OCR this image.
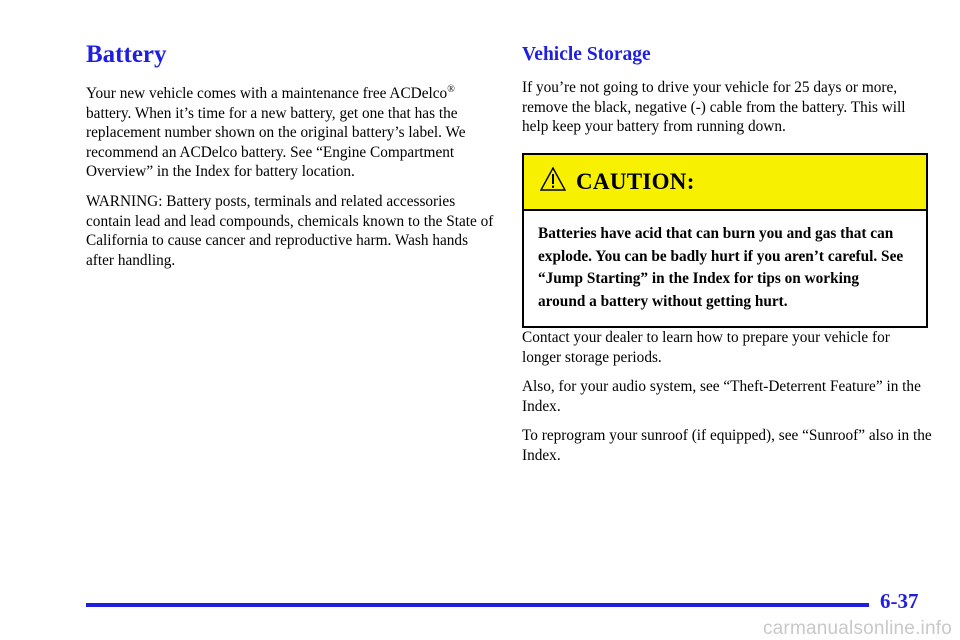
Battery

Your new vehicle comes with a maintenance free ACDelco® battery. When it’s time for a new battery, get one that has the replacement number shown on the original battery’s label. We recommend an ACDelco battery. See “Engine Compartment Overview” in the Index for battery location.

WARNING: Battery posts, terminals and related accessories contain lead and lead compounds, chemicals known to the State of California to cause cancer and reproductive harm. Wash hands after handling.

Vehicle Storage

If you’re not going to drive your vehicle for 25 days or more, remove the black, negative (-) cable from the battery. This will help keep your battery from running down.

CAUTION:
Batteries have acid that can burn you and gas that can explode. You can be badly hurt if you aren’t careful. See “Jump Starting” in the Index for tips on working around a battery without getting hurt.

Contact your dealer to learn how to prepare your vehicle for longer storage periods.

Also, for your audio system, see “Theft-Deterrent Feature” in the Index.

To reprogram your sunroof (if equipped), see “Sunroof” also in the Index.

6-37
carmanualsonline.info
